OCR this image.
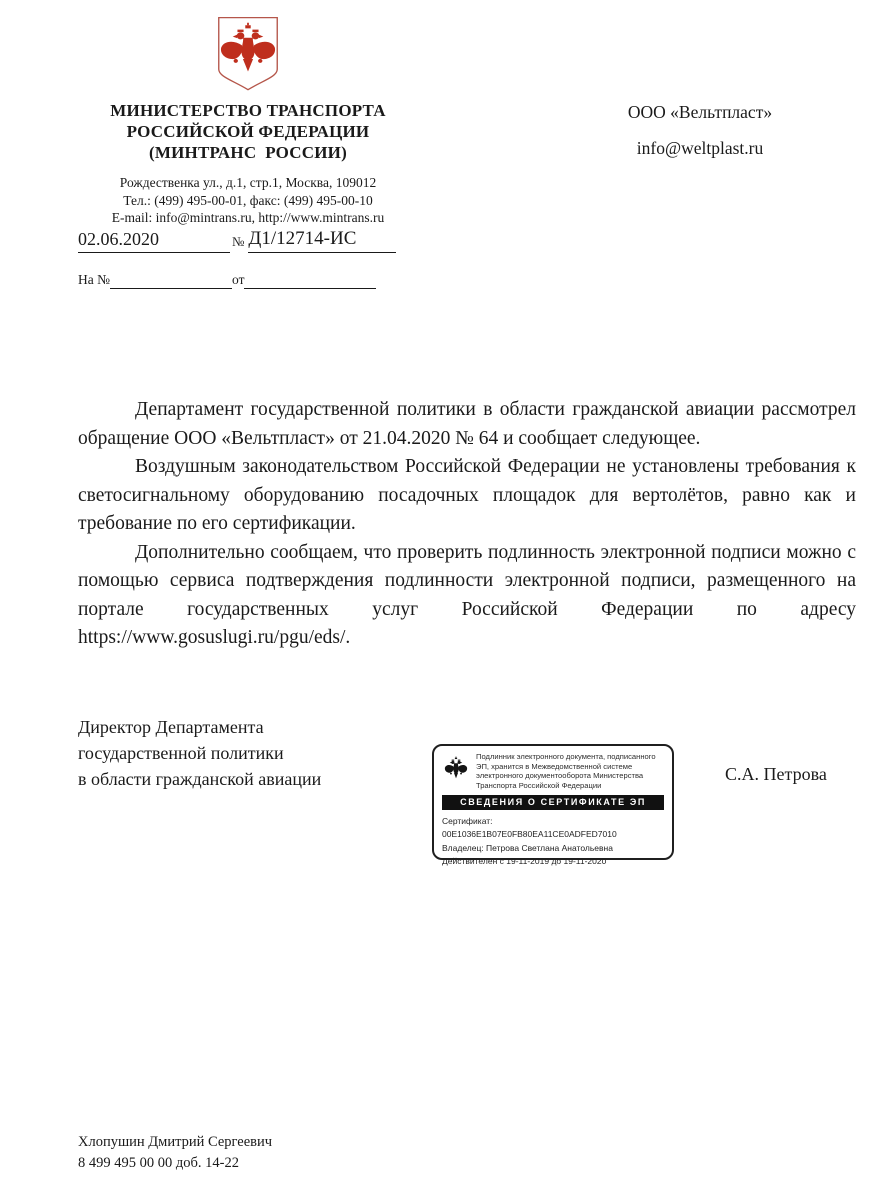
МИНИСТЕРСТВО ТРАНСПОРТА
РОССИЙСКОЙ ФЕДЕРАЦИИ
(МИНТРАНС  РОССИИ)
Рождественка ул., д.1, стр.1, Москва, 109012
Тел.: (499) 495-00-01, факс: (499) 495-00-10
E-mail: info@mintrans.ru, http://www.mintrans.ru
ООО «Вельтпласт»
info@weltplast.ru
02.06.2020	№ Д1/12714-ИС
На №	от

Департамент государственной политики в области гражданской авиации рассмотрел обращение ООО «Вельтпласт» от 21.04.2020 № 64 и сообщает следующее.

Воздушным законодательством Российской Федерации не установлены требования к светосигнальному оборудованию посадочных площадок для вертолётов, равно как и требование по его сертификации.

Дополнительно сообщаем, что проверить подлинность электронной подписи можно с помощью сервиса подтверждения подлинности электронной подписи, размещенного на портале государственных услуг Российской Федерации по адресу https://www.gosuslugi.ru/pgu/eds/.

Директор Департамента
государственной политики
в области гражданской авиации
Подлинник электронного документа, подписанного ЭП, хранится в Межведомственной системе электронного документооборота Министерства Транспорта Российской Федерации
СВЕДЕНИЯ О СЕРТИФИКАТЕ ЭП
Сертификат: 00E1036E1B07E0FB80EA11CE0ADFED7010
Владелец: Петрова Светлана Анатольевна
Действителен с 19-11-2019 до 19-11-2020
С.А. Петрова
Хлопушин Дмитрий Сергеевич
8 499 495 00 00 доб. 14-22
